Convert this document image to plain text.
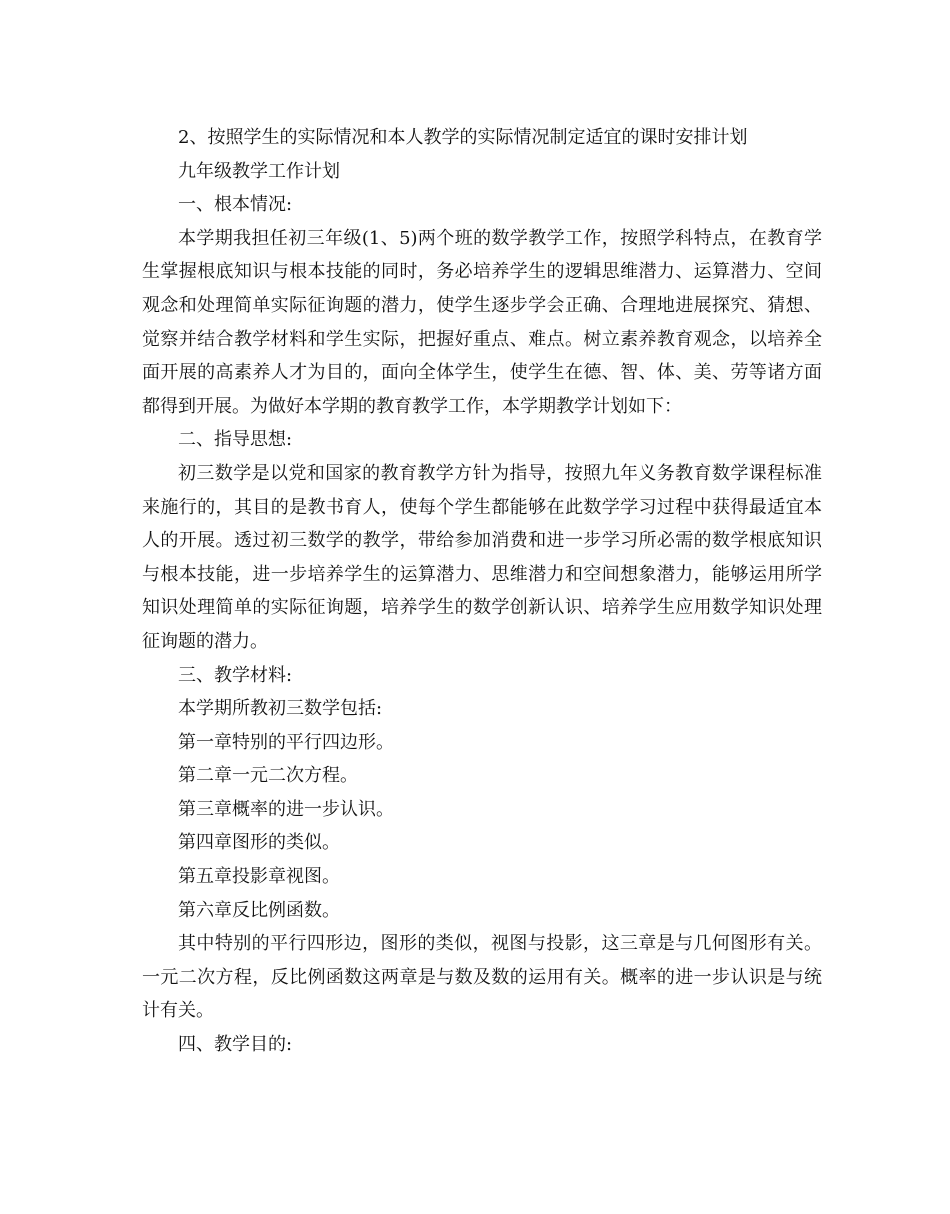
2、按照学生的实际情况和本人教学的实际情况制定适宜的课时安排计划

九年级教学工作计划

一、根本情况:

本学期我担任初三年级(1、5)两个班的数学教学工作，按照学科特点，在教育学生掌握根底知识与根本技能的同时，务必培养学生的逻辑思维潜力、运算潜力、空间观念和处理简单实际征询题的潜力，使学生逐步学会正确、合理地进展探究、猜想、觉察并结合教学材料和学生实际，把握好重点、难点。树立素养教育观念，以培养全面开展的高素养人才为目的，面向全体学生，使学生在德、智、体、美、劳等诸方面都得到开展。为做好本学期的教育教学工作，本学期教学计划如下：

二、指导思想:

初三数学是以党和国家的教育教学方针为指导，按照九年义务教育数学课程标准来施行的，其目的是教书育人，使每个学生都能够在此数学学习过程中获得最适宜本人的开展。透过初三数学的教学，带给参加消费和进一步学习所必需的数学根底知识与根本技能，进一步培养学生的运算潜力、思维潜力和空间想象潜力，能够运用所学知识处理简单的实际征询题，培养学生的数学创新认识、培养学生应用数学知识处理征询题的潜力。

三、教学材料:

本学期所教初三数学包括:

第一章特别的平行四边形。

第二章一元二次方程。

第三章概率的进一步认识。

第四章图形的类似。

第五章投影章视图。

第六章反比例函数。

其中特别的平行四形边，图形的类似，视图与投影，这三章是与几何图形有关。一元二次方程，反比例函数这两章是与数及数的运用有关。概率的进一步认识是与统计有关。

四、教学目的:
